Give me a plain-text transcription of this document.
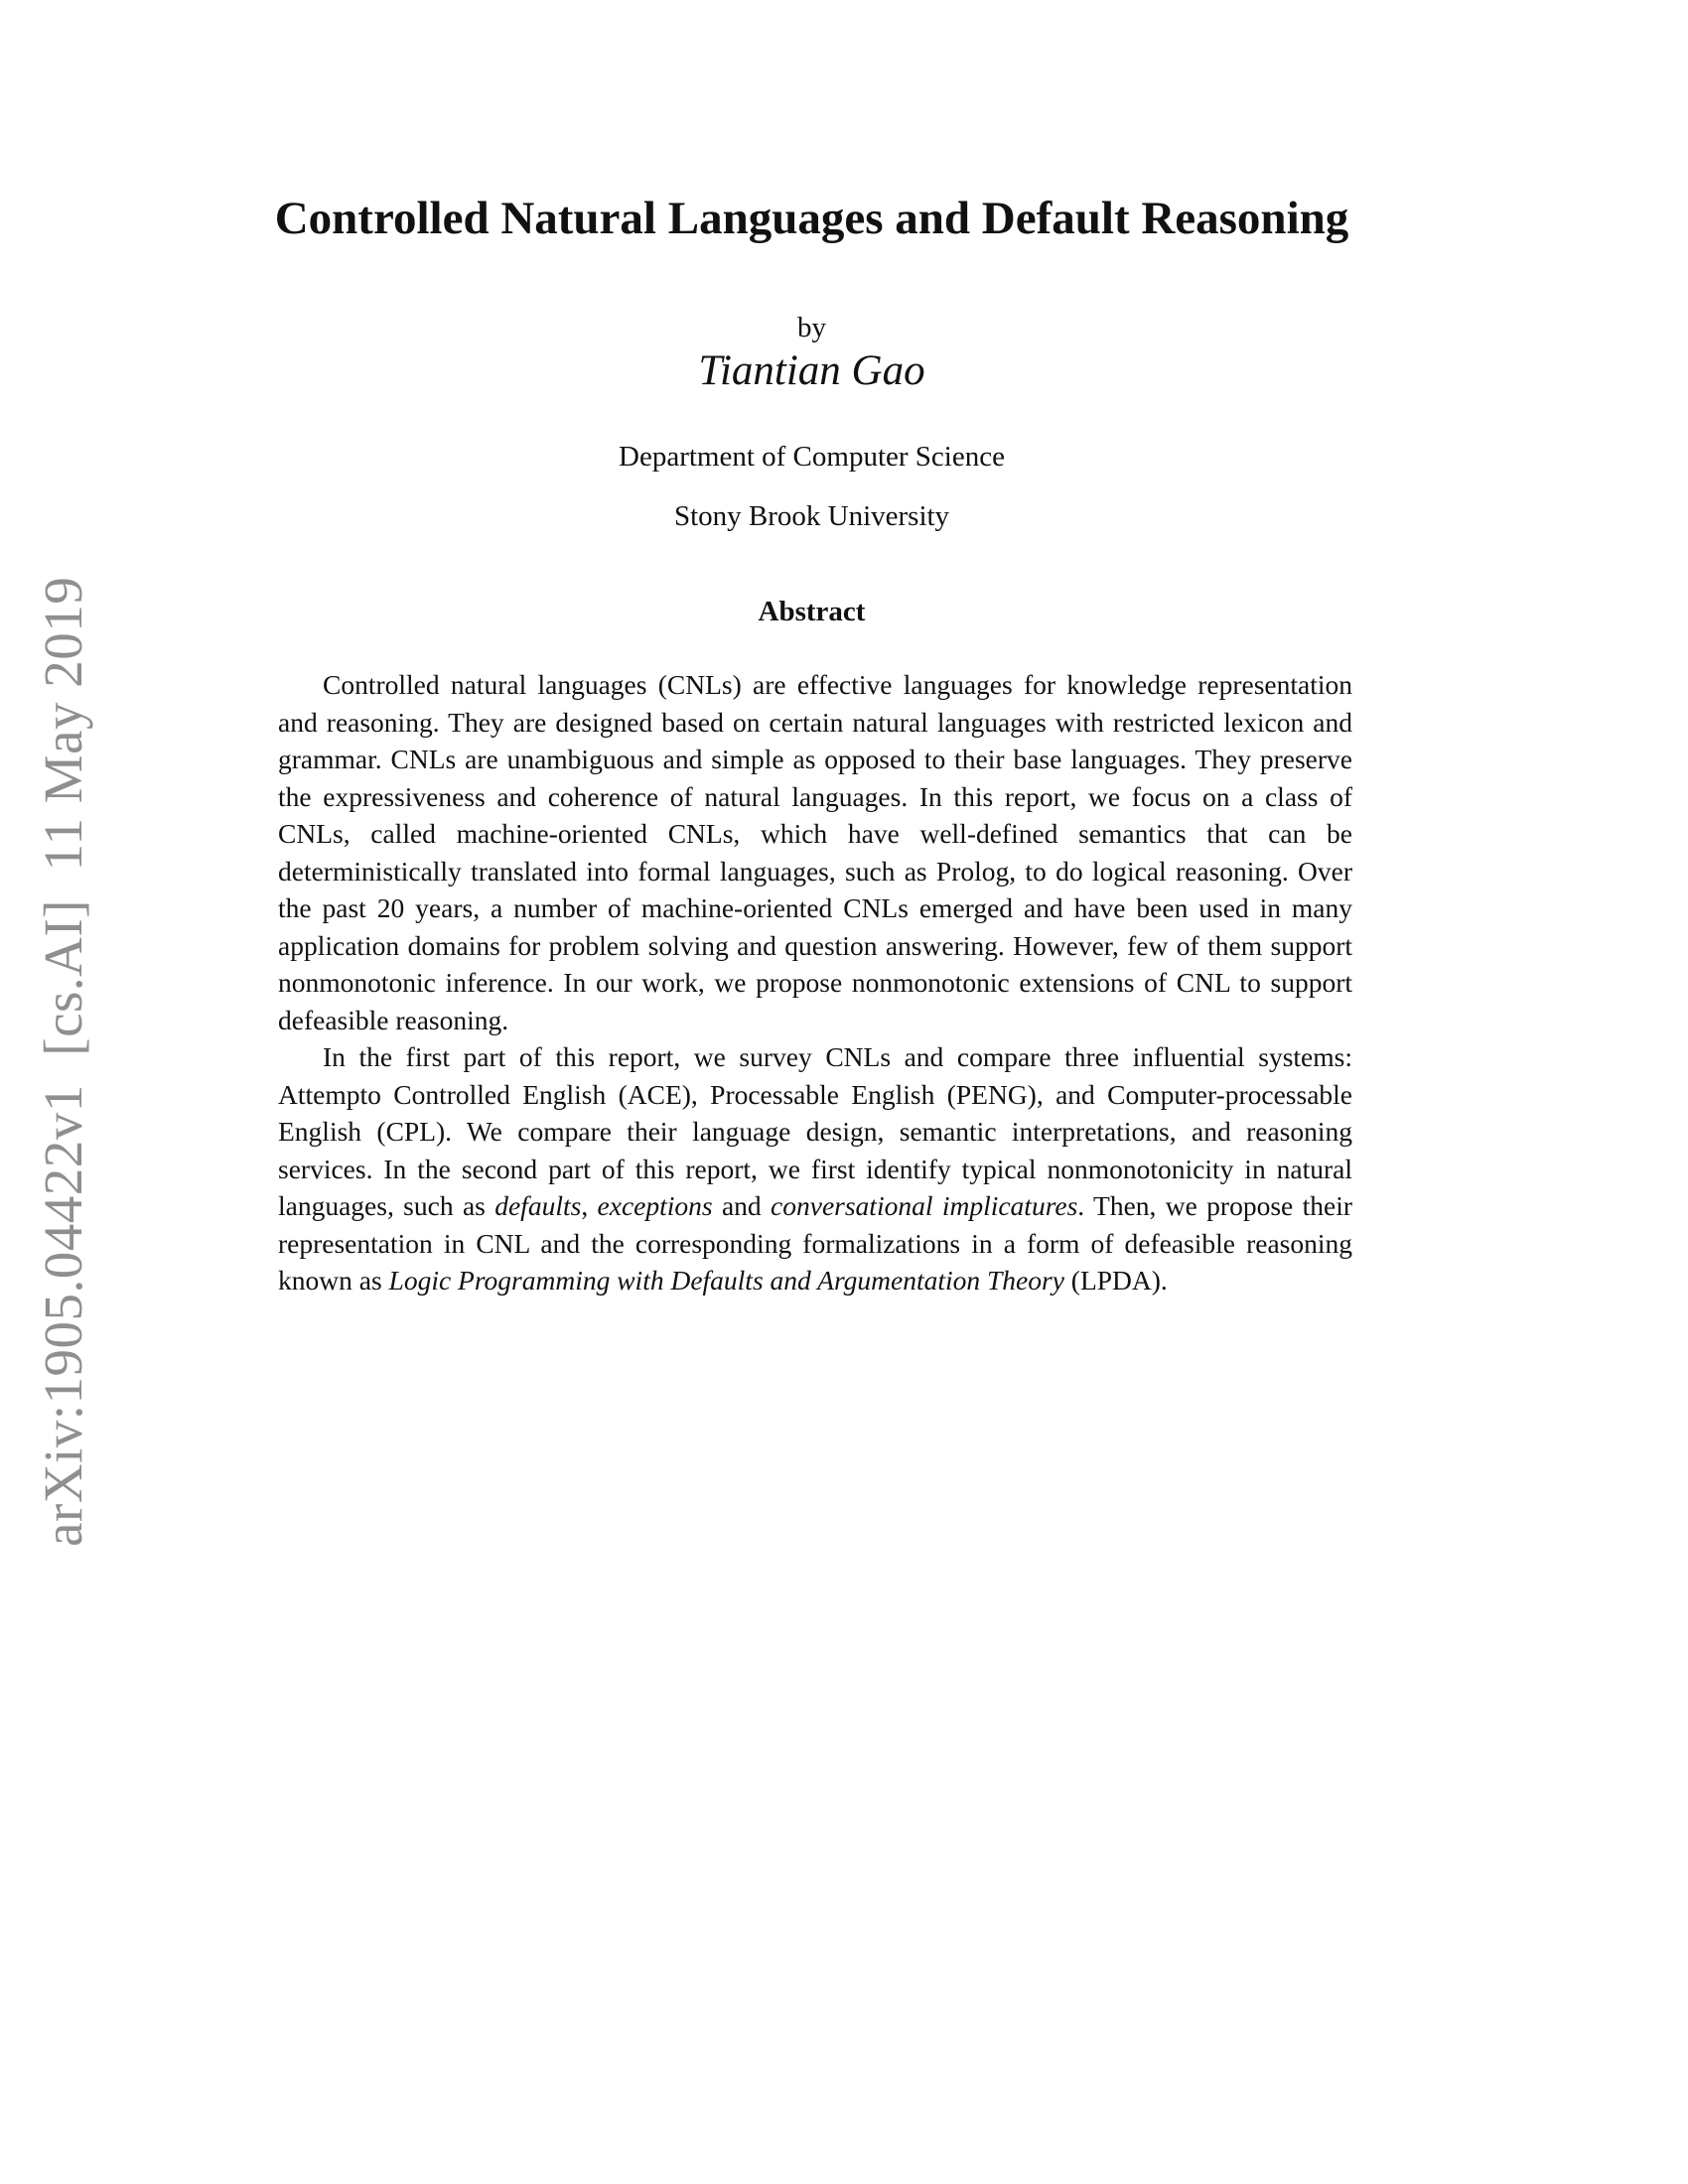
arXiv:1905.04422v1  [cs.AI]  11 May 2019
Controlled Natural Languages and Default Reasoning
by
Tiantian Gao
Department of Computer Science
Stony Brook University
Abstract

Controlled natural languages (CNLs) are effective languages for knowledge representation and reasoning. They are designed based on certain natural languages with restricted lexicon and grammar. CNLs are unambiguous and simple as opposed to their base languages. They preserve the expressiveness and coherence of natural languages. In this report, we focus on a class of CNLs, called machine-oriented CNLs, which have well-defined semantics that can be deterministically translated into formal languages, such as Prolog, to do logical reasoning. Over the past 20 years, a number of machine-oriented CNLs emerged and have been used in many application domains for problem solving and question answering. However, few of them support nonmonotonic inference. In our work, we propose nonmonotonic extensions of CNL to support defeasible reasoning.

In the first part of this report, we survey CNLs and compare three influential systems: Attempto Controlled English (ACE), Processable English (PENG), and Computer-processable English (CPL). We compare their language design, semantic interpretations, and reasoning services. In the second part of this report, we first identify typical nonmonotonicity in natural languages, such as defaults, exceptions and conversational implicatures. Then, we propose their representation in CNL and the corresponding formalizations in a form of defeasible reasoning known as Logic Programming with Defaults and Argumentation Theory (LPDA).
